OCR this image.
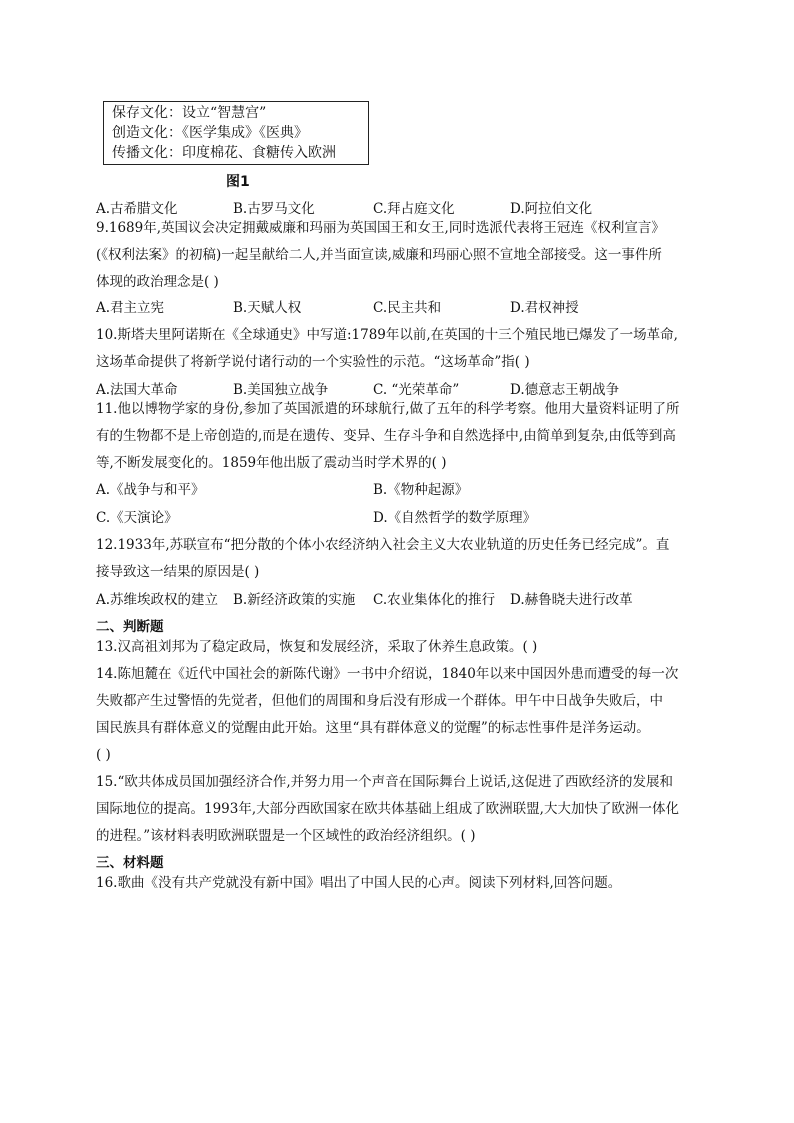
保存文化：设立“智慧宫”
创造文化：《医学集成》《医典》
传播文化：印度棉花、食糖传入欧洲
图1
A.古希腊文化	B.古罗马文化	C.拜占庭文化	D.阿拉伯文化
9.1689年,英国议会决定拥戴威廉和玛丽为英国国王和女王,同时选派代表将王冠连《权利宣言》
(《权利法案》的初稿)一起呈献给二人,并当面宣读,威廉和玛丽心照不宣地全部接受。这一事件所
体现的政治理念是( )
A.君主立宪	B.天赋人权	C.民主共和	D.君权神授
10.斯塔夫里阿诺斯在《全球通史》中写道:1789年以前,在英国的十三个殖民地已爆发了一场革命,
这场革命提供了将新学说付诸行动的一个实验性的示范。“这场革命”指( )
A.法国大革命	B.美国独立战争	C. “光荣革命”	D.德意志王朝战争
11.他以博物学家的身份,参加了英国派遣的环球航行,做了五年的科学考察。他用大量资料证明了所
有的生物都不是上帝创造的,而是在遗传、变异、生存斗争和自然选择中,由简单到复杂,由低等到高
等,不断发展变化的。1859年他出版了震动当时学术界的( )
A.《战争与和平》	B.《物种起源》
C.《天演论》	D.《自然哲学的数学原理》
12.1933年,苏联宣布“把分散的个体小农经济纳入社会主义大农业轨道的历史任务已经完成”。直
接导致这一结果的原因是( )
A.苏维埃政权的建立 B.新经济政策的实施 C.农业集体化的推行 D.赫鲁晓夫进行改革
二、判断题
13.汉高祖刘邦为了稳定政局，恢复和发展经济，采取了休养生息政策。( )
14.陈旭麓在《近代中国社会的新陈代谢》一书中介绍说，1840年以来中国因外患而遭受的每一次
失败都产生过警悟的先觉者，但他们的周围和身后没有形成一个群体。甲午中日战争失败后，中
国民族具有群体意义的觉醒由此开始。这里“具有群体意义的觉醒”的标志性事件是洋务运动。
( )
15.“欧共体成员国加强经济合作,并努力用一个声音在国际舞台上说话,这促进了西欧经济的发展和
国际地位的提高。1993年,大部分西欧国家在欧共体基础上组成了欧洲联盟,大大加快了欧洲一体化
的进程。”该材料表明欧洲联盟是一个区域性的政治经济组织。( )
三、材料题
16.歌曲《没有共产党就没有新中国》唱出了中国人民的心声。阅读下列材料,回答问题。
